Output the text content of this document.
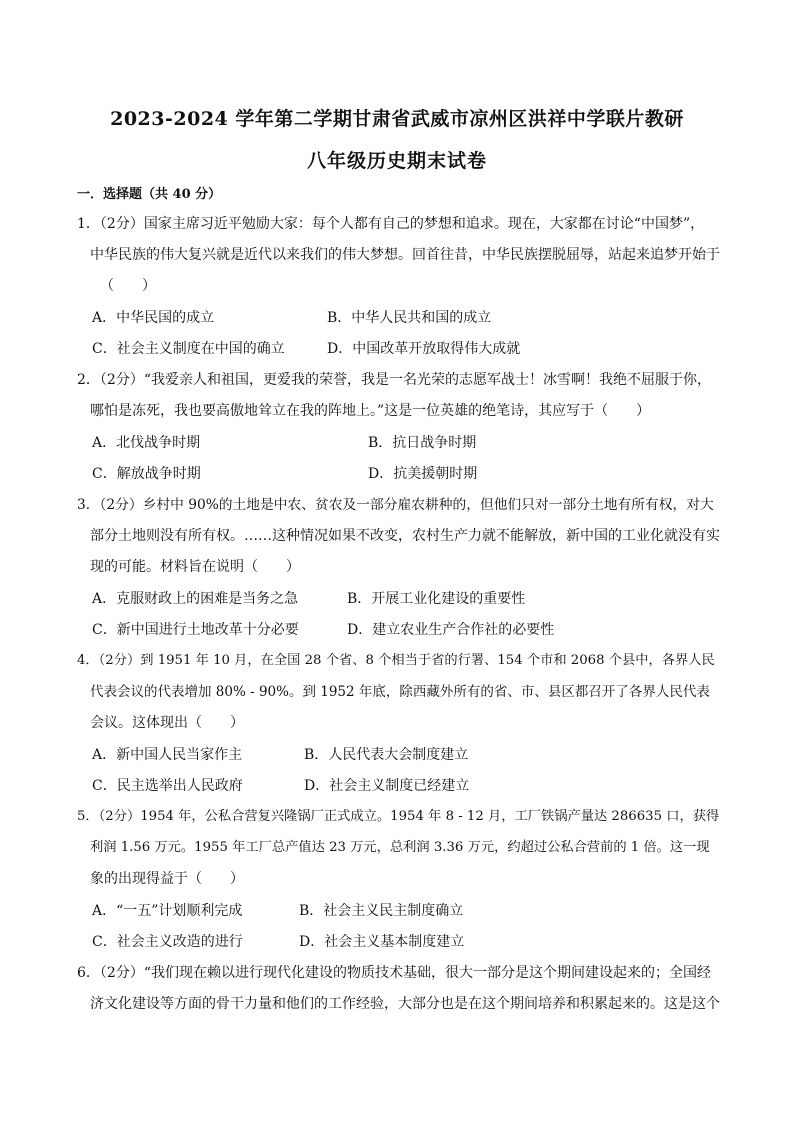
2023-2024 学年第二学期甘肃省武威市凉州区洪祥中学联片教研
八年级历史期末试卷
一．选择题（共 40 分）
1．（2分）国家主席习近平勉励大家：每个人都有自己的梦想和追求。现在，大家都在讨论“中国梦”，
中华民族的伟大复兴就是近代以来我们的伟大梦想。回首往昔，中华民族摆脱屈辱，站起来追梦开始于
（　　）
A．中华民国的成立	B．中华人民共和国的成立
C．社会主义制度在中国的确立	D．中国改革开放取得伟大成就
2．（2分）“我爱亲人和祖国，更爱我的荣誉，我是一名光荣的志愿军战士！冰雪啊！我绝不屈服于你，
哪怕是冻死，我也要高傲地耸立在我的阵地上。”这是一位英雄的绝笔诗，其应写于（　　）
A．北伐战争时期	B．抗日战争时期
C．解放战争时期	D．抗美援朝时期
3．（2分）乡村中 90%的土地是中农、贫农及一部分雇农耕种的，但他们只对一部分土地有所有权，对大
部分土地则没有所有权。……这种情况如果不改变，农村生产力就不能解放，新中国的工业化就没有实
现的可能。材料旨在说明（　　）
A．克服财政上的困难是当务之急	B．开展工业化建设的重要性
C．新中国进行土地改革十分必要	D．建立农业生产合作社的必要性
4．（2分）到 1951 年 10 月，在全国 28 个省、8 个相当于省的行署、154 个市和 2068 个县中，各界人民
代表会议的代表增加 80% - 90%。到 1952 年底，除西藏外所有的省、市、县区都召开了各界人民代表
会议。这体现出（　　）
A．新中国人民当家作主	B．人民代表大会制度建立
C．民主选举出人民政府	D．社会主义制度已经建立
5．（2分）1954 年，公私合营复兴隆锅厂正式成立。1954 年 8 - 12 月，工厂铁锅产量达 286635 口，获得
利润 1.56 万元。1955 年工厂总产值达 23 万元，总利润 3.36 万元，约超过公私合营前的 1 倍。这一现
象的出现得益于（　　）
A．“一五”计划顺利完成	B．社会主义民主制度确立
C．社会主义改造的进行	D．社会主义基本制度建立
6．（2分）“我们现在赖以进行现代化建设的物质技术基础，很大一部分是这个期间建设起来的；全国经
济文化建设等方面的骨干力量和他们的工作经验，大部分也是在这个期间培养和积累起来的。这是这个
